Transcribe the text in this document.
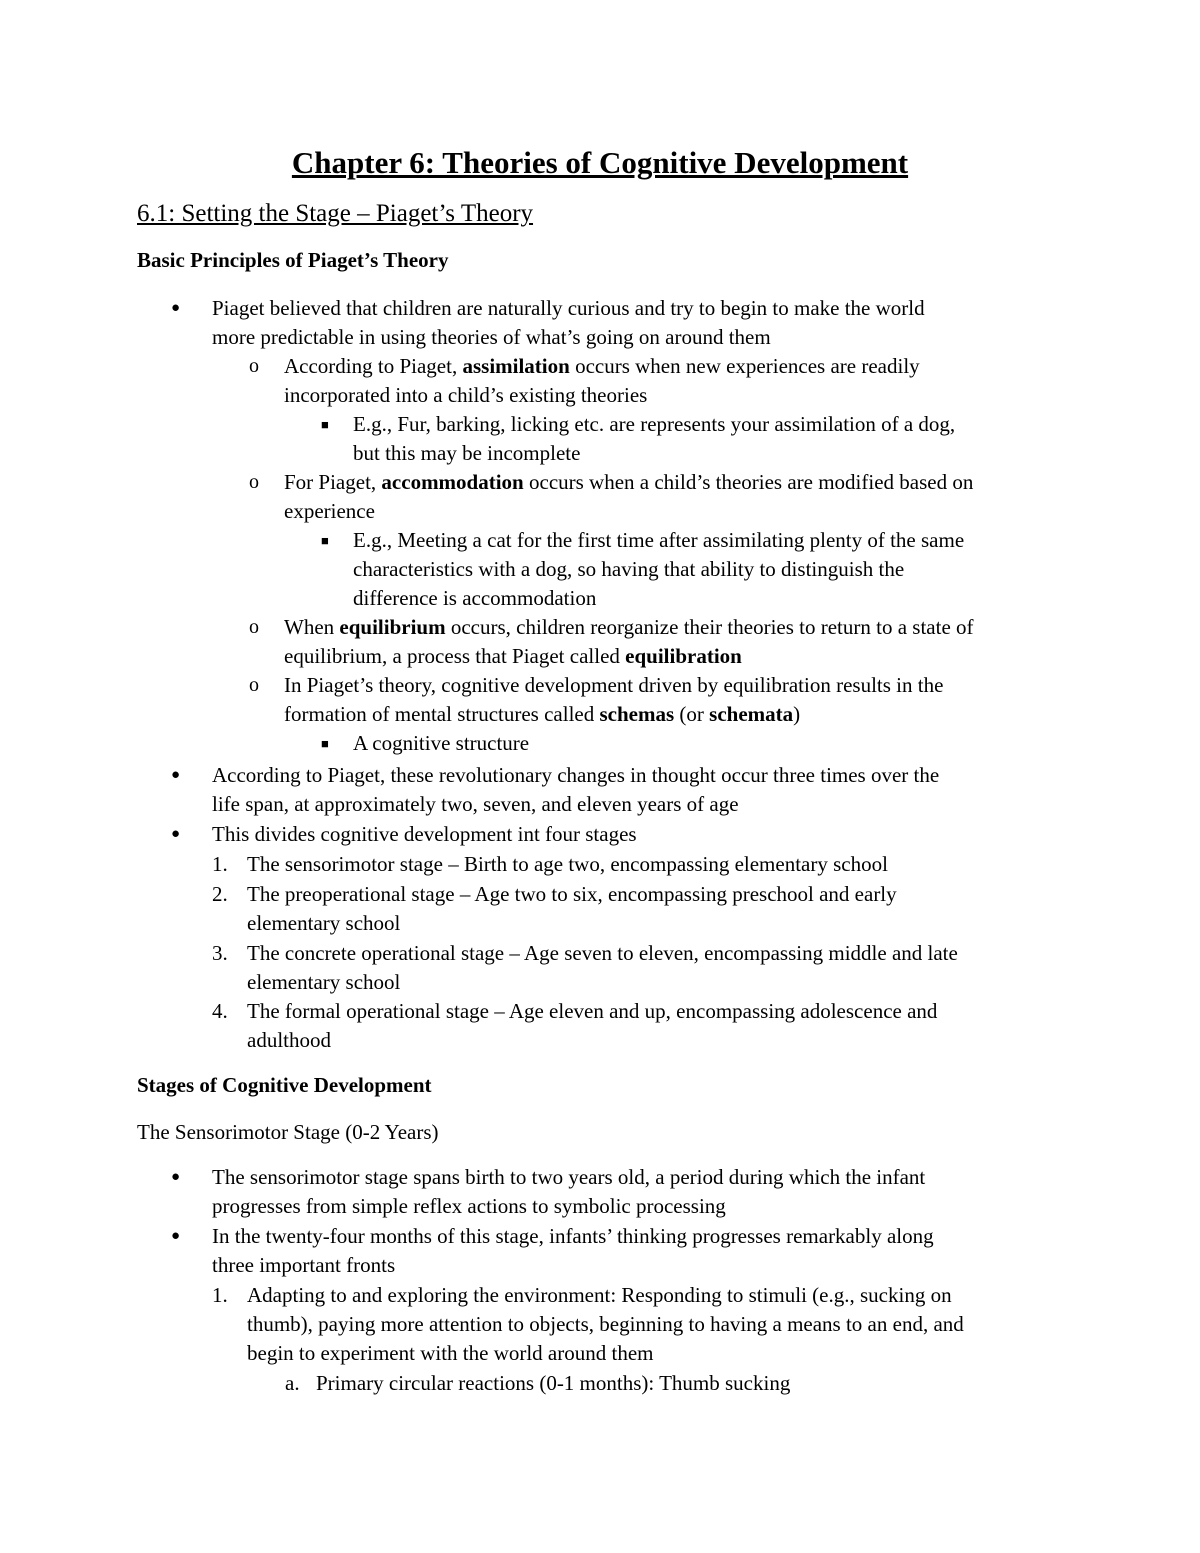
Chapter 6: Theories of Cognitive Development
6.1: Setting the Stage – Piaget’s Theory
Basic Principles of Piaget’s Theory
● Piaget believed that children are naturally curious and try to begin to make the world
more predictable in using theories of what’s going on around them
o According to Piaget, assimilation occurs when new experiences are readily
incorporated into a child’s existing theories
■ E.g., Fur, barking, licking etc. are represents your assimilation of a dog,
but this may be incomplete
o For Piaget, accommodation occurs when a child’s theories are modified based on
experience
■ E.g., Meeting a cat for the first time after assimilating plenty of the same
characteristics with a dog, so having that ability to distinguish the
difference is accommodation
o When equilibrium occurs, children reorganize their theories to return to a state of
equilibrium, a process that Piaget called equilibration
o In Piaget’s theory, cognitive development driven by equilibration results in the
formation of mental structures called schemas (or schemata)
■ A cognitive structure
● According to Piaget, these revolutionary changes in thought occur three times over the
life span, at approximately two, seven, and eleven years of age
● This divides cognitive development int four stages
1. The sensorimotor stage – Birth to age two, encompassing elementary school
2. The preoperational stage – Age two to six, encompassing preschool and early
elementary school
3. The concrete operational stage – Age seven to eleven, encompassing middle and late
elementary school
4. The formal operational stage – Age eleven and up, encompassing adolescence and
adulthood
Stages of Cognitive Development
The Sensorimotor Stage (0-2 Years)
● The sensorimotor stage spans birth to two years old, a period during which the infant
progresses from simple reflex actions to symbolic processing
● In the twenty-four months of this stage, infants’ thinking progresses remarkably along
three important fronts
1. Adapting to and exploring the environment: Responding to stimuli (e.g., sucking on
thumb), paying more attention to objects, beginning to having a means to an end, and
begin to experiment with the world around them
a. Primary circular reactions (0-1 months): Thumb sucking
